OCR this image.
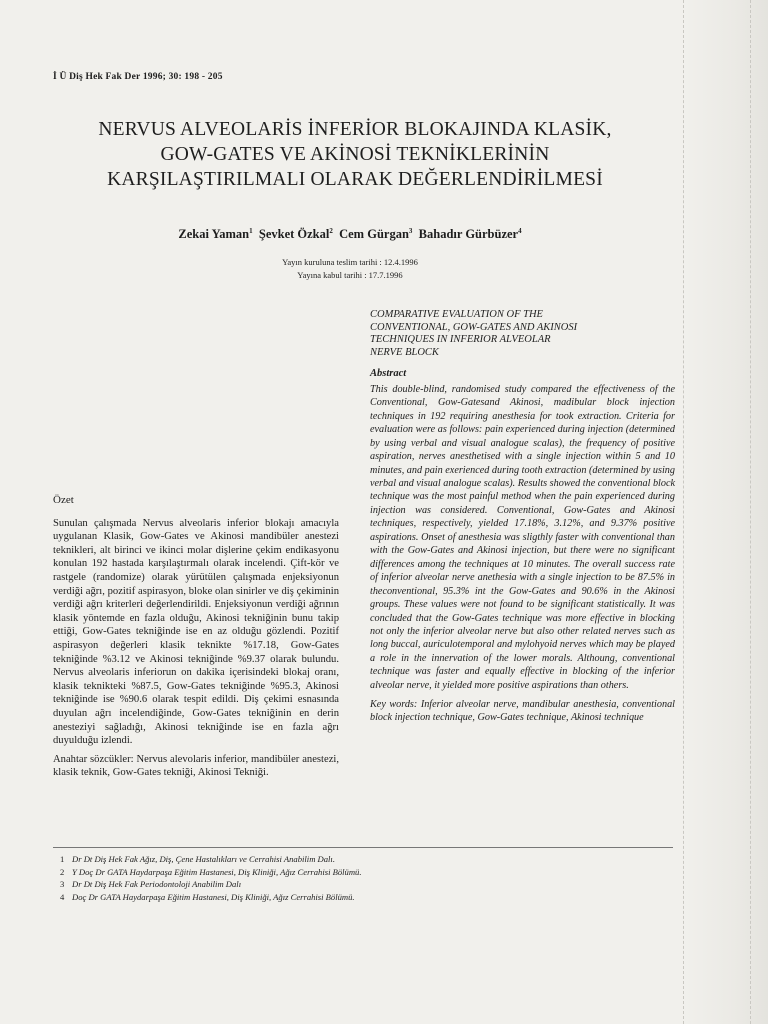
İ Ü Diş Hek Fak Der 1996; 30: 198 - 205
NERVUS ALVEOLARİS İNFERİOR BLOKAJINDA KLASİK,
GOW-GATES VE AKİNOSİ TEKNİKLERİNİN
KARŞILAŞTIRILMALI OLARAK DEĞERLENDİRİLMESİ
Zekai Yaman$^1$ Şevket Özkal$^2$ Cem Gürgan$^3$ Bahadır Gürbüzer$^4$
Yayın kuruluna teslim tarihi : 12.4.1996
Yayına kabul tarihi : 17.7.1996
Özet

Sunulan çalışmada Nervus alveolaris inferior blokajı amacıyla uygulanan Klasik, Gow-Gates ve Akinosi mandibüler anestezi teknikleri, alt birinci ve ikinci molar dişlerine çekim endikasyonu konulan 192 hastada karşılaştırmalı olarak incelendi. Çift-kör ve rastgele (randomize) olarak yürütülen çalışmada enjeksiyonun verdiği ağrı, pozitif aspirasyon, bloke olan sinirler ve diş çekiminin verdiği ağrı kriterleri değerlendirildi. Enjeksiyonun verdiği ağrının klasik yöntemde en fazla olduğu, Akinosi tekniğinin bunu takip ettiği, Gow-Gates tekniğinde ise en az olduğu gözlendi. Pozitif aspirasyon değerleri klasik teknikte %17.18, Gow-Gates tekniğinde %3.12 ve Akinosi tekniğinde %9.37 olarak bulundu. Nervus alveolaris inferiorun on dakika içerisindeki blokaj oranı, klasik teknikteki %87.5, Gow-Gates tekniğinde %95.3, Akinosi tekniğinde ise %90.6 olarak tespit edildi. Diş çekimi esnasında duyulan ağrı incelendiğinde, Gow-Gates tekniğinin en derin anesteziyi sağladığı, Akinosi tekniğinde ise en fazla ağrı duyulduğu izlendi.

Anahtar sözcükler: Nervus alevolaris inferior, mandibüler anestezi, klasik teknik, Gow-Gates tekniği, Akinosi Tekniği.

COMPARATIVE EVALUATION OF THE
CONVENTIONAL, GOW-GATES AND AKINOSI
TECHNIQUES IN INFERIOR ALVEOLAR
NERVE BLOCK
Abstract

This double-blind, randomised study compared the effectiveness of the Conventional, Gow-Gatesand Akinosi, madibular block injection techniques in 192 requiring anesthesia for took extraction. Criteria for evaluation were as follows: pain experienced during injection (determined by using verbal and visual analogue scalas), the frequency of positive aspiration, nerves anesthetised with a single injection within 5 and 10 minutes, and pain exerienced during tooth extraction (determined by using verbal and visual analogue scalas). Results showed the conventional block technique was the most painful method when the pain experienced during injection was considered. Conventional, Gow-Gates and Akinosi techniques, respectively, yielded 17.18%, 3.12%, and 9.37% positive aspirations. Onset of anesthesia was sligthly faster with conventional than with the Gow-Gates and Akinosi injection, but there were no significant differences among the techniques at 10 minutes. The overall success rate of inferior alveolar nerve anethesia with a single injection to be 87.5% in theconventional, 95.3% int the Gow-Gates and 90.6% in the Akinosi groups. These values were not found to be significant statistically. It was concluded that the Gow-Gates technique was more effective in blocking not only the inferior alveolar nerve but also other related nerves such as long buccal, auriculotemporal and mylohyoid nerves which may be played a role in the innervation of the lower morals. Althoung, conventional technique was faster and equally effective in blocking of the inferior alveolar nerve, it yielded more positive aspirations than others.

Key words: Inferior alveolar nerve, mandibular anesthesia, conventional block injection technique, Gow-Gates technique, Akinosi technique

1 Dr Dt Diş Hek Fak Ağız, Diş, Çene Hastalıkları ve Cerrahisi Anabilim Dalı.
2 Y Doç Dr GATA Haydarpaşa Eğitim Hastanesi, Diş Kliniği, Ağız Cerrahisi Bölümü.
3 Dr Dt Diş Hek Fak Periodontoloji Anabilim Dalı
4 Doç Dr GATA Haydarpaşa Eğitim Hastanesi, Diş Kliniği, Ağız Cerrahisi Bölümü.
